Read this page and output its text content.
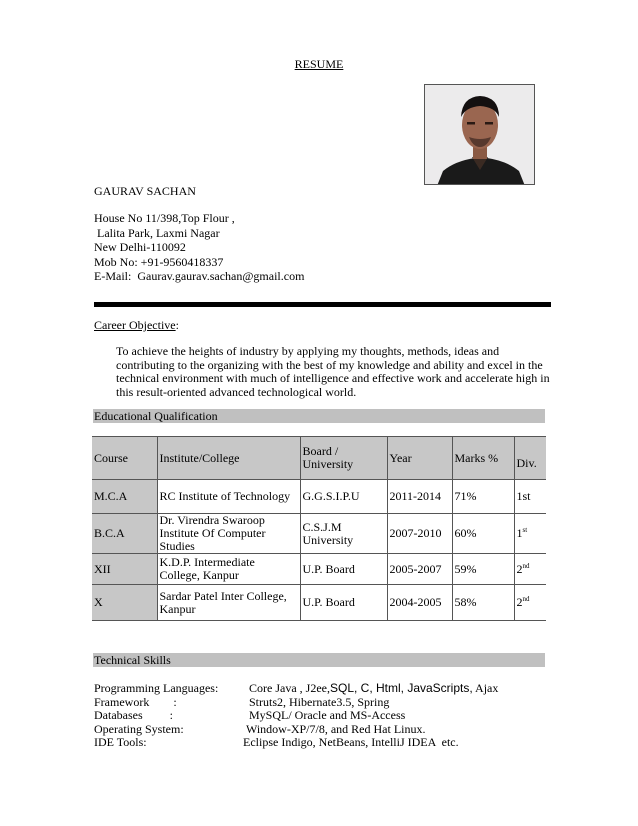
RESUME
GAURAV SACHAN
House No 11/398,Top Flour ,
Lalita Park, Laxmi Nagar
New Delhi-110092
Mob No: +91-9560418337
E-Mail:  Gaurav.gaurav.sachan@gmail.com
Career Objective:
To achieve the heights of industry by applying my thoughts, methods, ideas and contributing to the organizing with the best of my knowledge and ability and excel in the technical environment with much of intelligence and effective work and accelerate high in this result-oriented advanced technological world.
Educational Qualification
Course	Institute/College	Board / University	Year	Marks %	Div.
M.C.A	RC Institute of Technology	G.G.S.I.P.U	2011-2014	71%	1st
B.C.A	Dr. Virendra Swaroop Institute Of Computer Studies	C.S.J.M University	2007-2010	60%	1st
XII	K.D.P. Intermediate College, Kanpur	U.P. Board	2005-2007	59%	2nd
X	Sardar Patel Inter College, Kanpur	U.P. Board	2004-2005	58%	2nd
Technical Skills
Programming Languages:	Core Java , J2ee,SQL, C, Html, JavaScripts, Ajax
Framework        :	Struts2, Hibernate3.5, Spring
Databases         :	MySQL/ Oracle and MS-Access
Operating System:	Window-XP/7/8, and Red Hat Linux.
IDE Tools:	Eclipse Indigo, NetBeans, IntelliJ IDEA  etc.
